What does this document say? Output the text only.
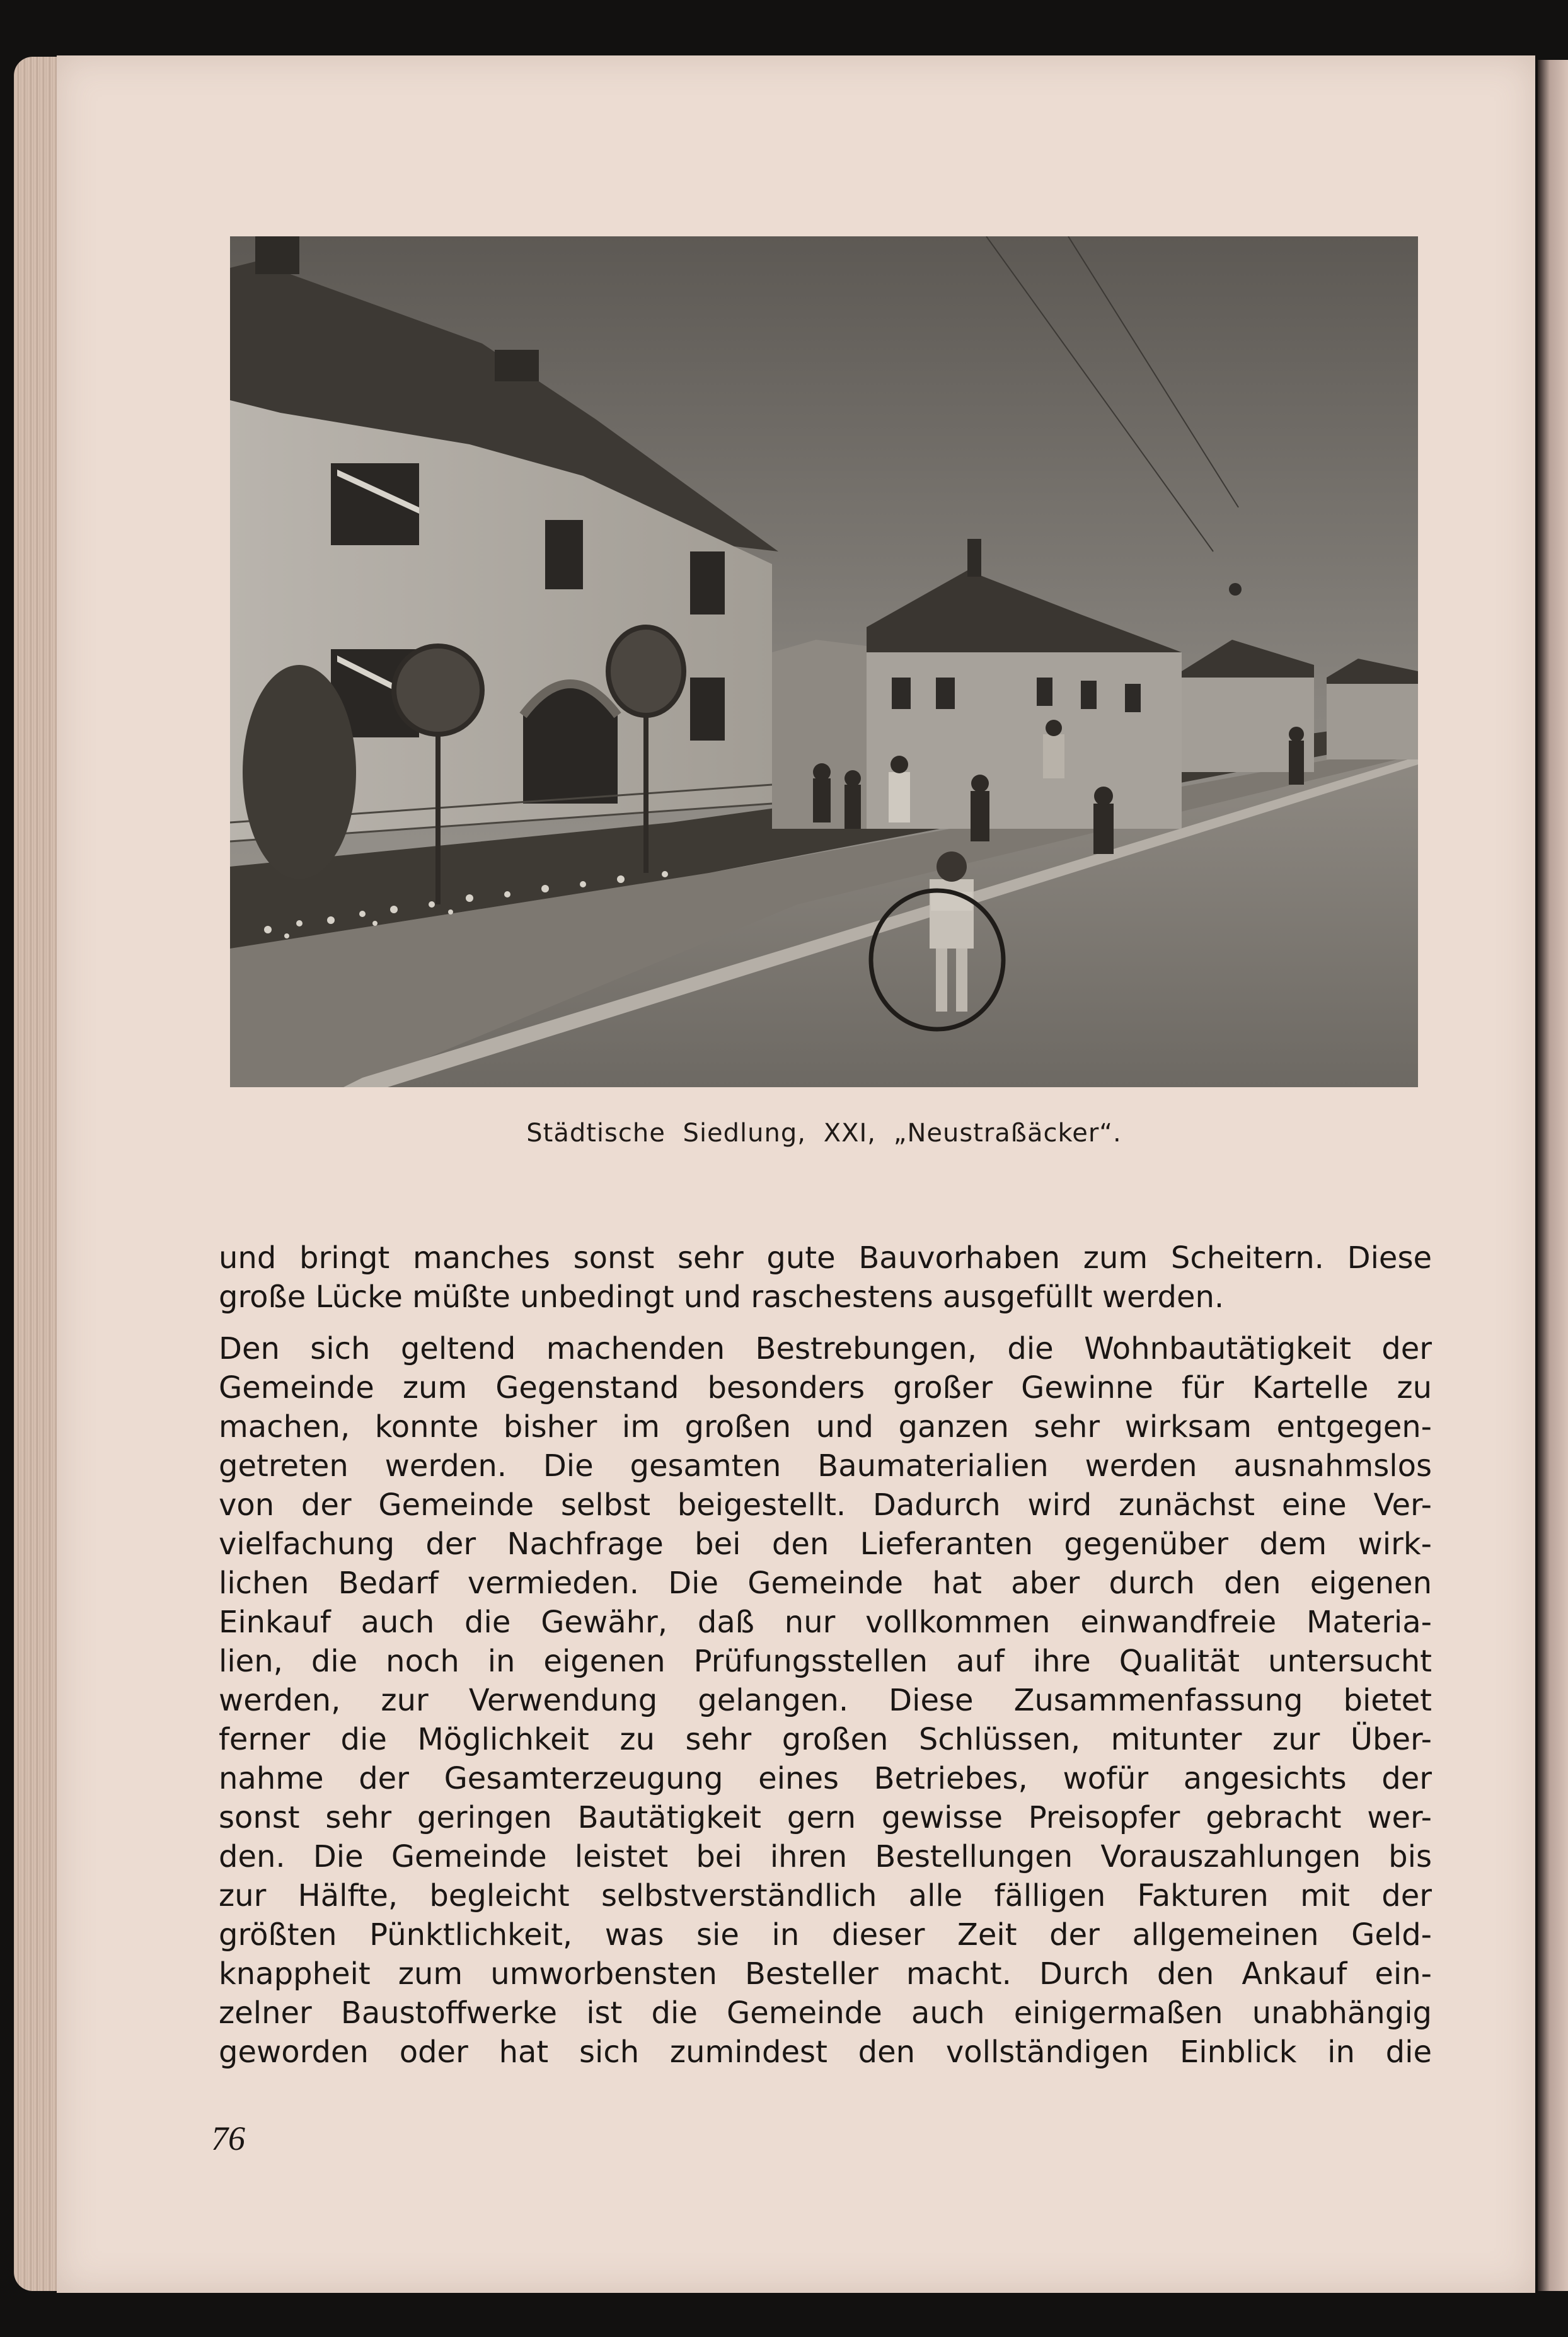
Städtische Siedlung, XXI, „Neustraßäcker“.
und bringt manches sonst sehr gute Bauvorhaben zum Scheitern. Diese
große Lücke müßte unbedingt und raschestens ausgefüllt werden.
Den sich geltend machenden Bestrebungen, die Wohnbautätigkeit der
Gemeinde zum Gegenstand besonders großer Gewinne für Kartelle zu
machen, konnte bisher im großen und ganzen sehr wirksam entgegen-
getreten werden. Die gesamten Baumaterialien werden ausnahmslos
von der Gemeinde selbst beigestellt. Dadurch wird zunächst eine Ver-
vielfachung der Nachfrage bei den Lieferanten gegenüber dem wirk-
lichen Bedarf vermieden. Die Gemeinde hat aber durch den eigenen
Einkauf auch die Gewähr, daß nur vollkommen einwandfreie Materia-
lien, die noch in eigenen Prüfungsstellen auf ihre Qualität untersucht
werden, zur Verwendung gelangen. Diese Zusammenfassung bietet
ferner die Möglichkeit zu sehr großen Schlüssen, mitunter zur Über-
nahme der Gesamterzeugung eines Betriebes, wofür angesichts der
sonst sehr geringen Bautätigkeit gern gewisse Preisopfer gebracht wer-
den. Die Gemeinde leistet bei ihren Bestellungen Vorauszahlungen bis
zur Hälfte, begleicht selbstverständlich alle fälligen Fakturen mit der
größten Pünktlichkeit, was sie in dieser Zeit der allgemeinen Geld-
knappheit zum umworbensten Besteller macht. Durch den Ankauf ein-
zelner Baustoffwerke ist die Gemeinde auch einigermaßen unabhängig
geworden oder hat sich zumindest den vollständigen Einblick in die
76
